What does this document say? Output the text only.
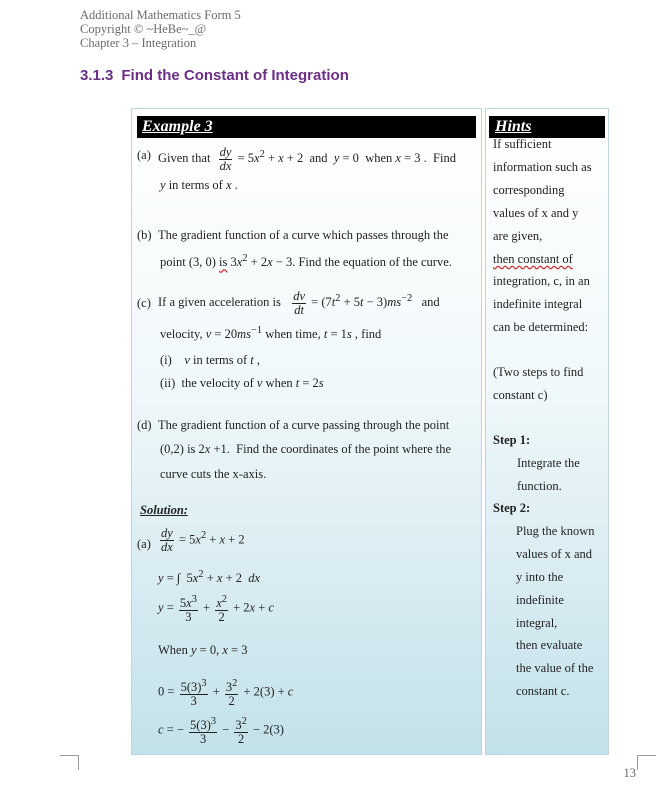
Additional Mathematics Form 5
Copyright © ~HeBe~_@
Chapter 3 – Integration
3.1.3 Find the Constant of Integration
Example 3
(a) Given that $\frac{dy}{dx} = 5x^2 + x + 2$  and y = 0  when x = 3 .  Find
y in terms of x .
(b) The gradient function of a curve which passes through the
point (3, 0) is $3x^2 + 2x - 3$. Find the equation of the curve.
(c) If a given acceleration is $\frac{dv}{dt} = (7t^2 + 5t - 3)ms^{-2}$ and
velocity, $v = 20ms^{-1}$ when time, t = 1s , find
(i) v in terms of t ,
(ii) the velocity of v when t = 2s
(d) The gradient function of a curve passing through the point
(0,2) is 2x +1.  Find the coordinates of the point where the
curve cuts the x-axis.
Solution:
$(a) \frac{dy}{dx} = 5x^2 + x + 2$
y = ∫  $5x^2 + x + 2$  dx
$y = \frac{5x^3}{3} + \frac{x^2}{2} + 2x + c$
When y = 0, x = 3
$0 = \frac{5(3)^3}{3} + \frac{3^2}{2} + 2(3) + c$
c = − $\frac{5(3)^3}{3} - \frac{3^2}{2} - 2(3)$
Hints
If sufficient
information such as
corresponding
values of x and y
are given,
then constant of
integration, c, in an
indefinite integral
can be determined:
(Two steps to find constant c)
Step 1:
Integrate the
function.
Step 2:
Plug the known
values of x and
y into the
indefinite
integral,
then evaluate
the value of the
constant c.
13
